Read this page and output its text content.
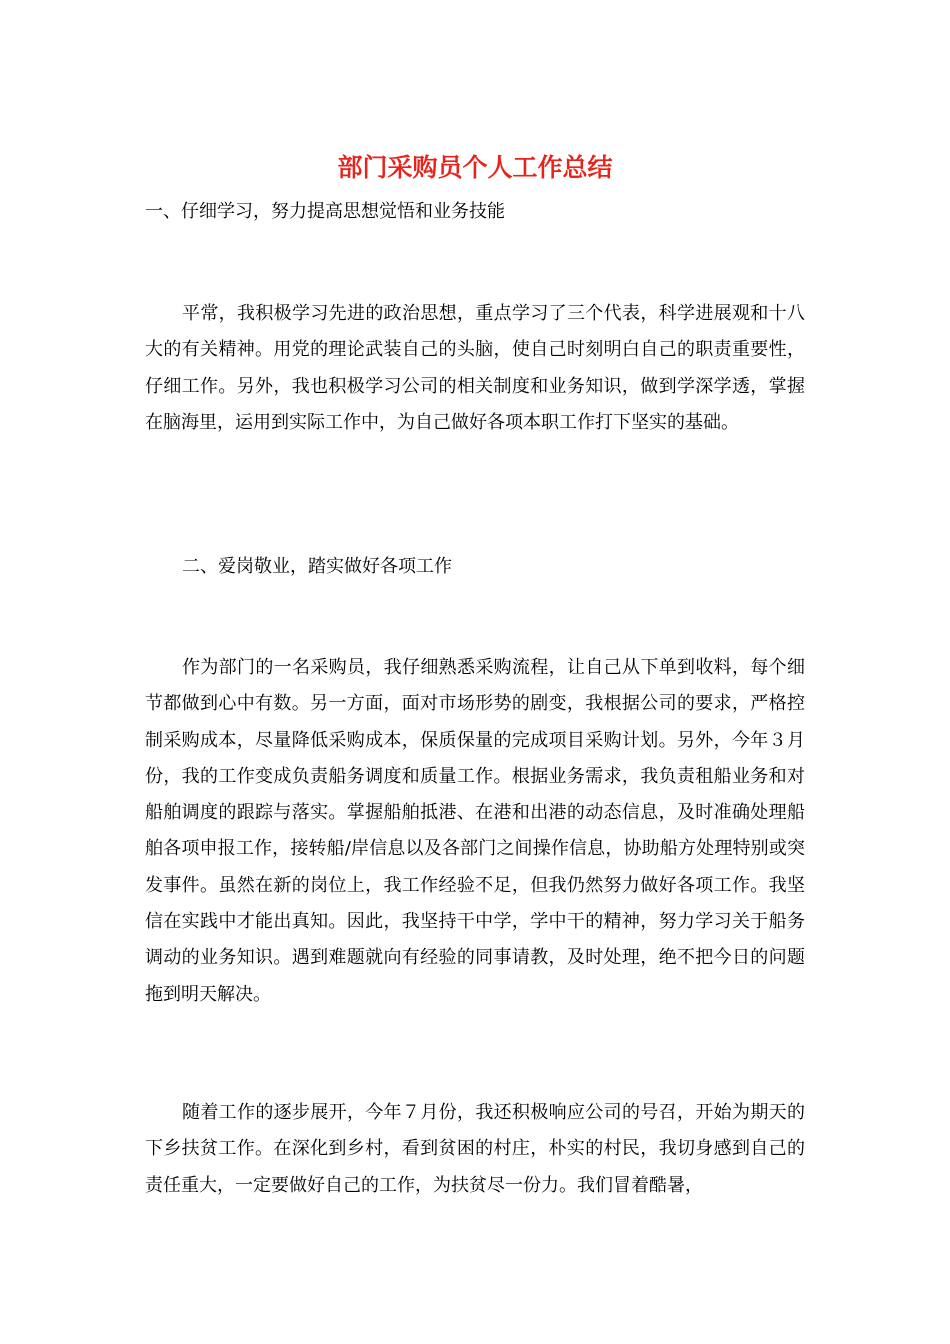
部门采购员个人工作总结
一、仔细学习，努力提高思想觉悟和业务技能

平常，我积极学习先进的政治思想，重点学习了三个代表，科学进展观和十八大的有关精神。用党的理论武装自己的头脑，使自己时刻明白自己的职责重要性，仔细工作。另外，我也积极学习公司的相关制度和业务知识，做到学深学透，掌握在脑海里，运用到实际工作中，为自己做好各项本职工作打下坚实的基础。

二、爱岗敬业，踏实做好各项工作

作为部门的一名采购员，我仔细熟悉采购流程，让自己从下单到收料，每个细节都做到心中有数。另一方面，面对市场形势的剧变，我根据公司的要求，严格控制采购成本，尽量降低采购成本，保质保量的完成项目采购计划。另外，今年３月份，我的工作变成负责船务调度和质量工作。根据业务需求，我负责租船业务和对船舶调度的跟踪与落实。掌握船舶抵港、在港和出港的动态信息，及时准确处理船舶各项申报工作，接转船/岸信息以及各部门之间操作信息，协助船方处理特别或突发事件。虽然在新的岗位上，我工作经验不足，但我仍然努力做好各项工作。我坚信在实践中才能出真知。因此，我坚持干中学，学中干的精神，努力学习关于船务调动的业务知识。遇到难题就向有经验的同事请教，及时处理，绝不把今日的问题拖到明天解决。

随着工作的逐步展开，今年７月份，我还积极响应公司的号召，开始为期天的下乡扶贫工作。在深化到乡村，看到贫困的村庄，朴实的村民，我切身感到自己的责任重大，一定要做好自己的工作，为扶贫尽一份力。我们冒着酷暑，
